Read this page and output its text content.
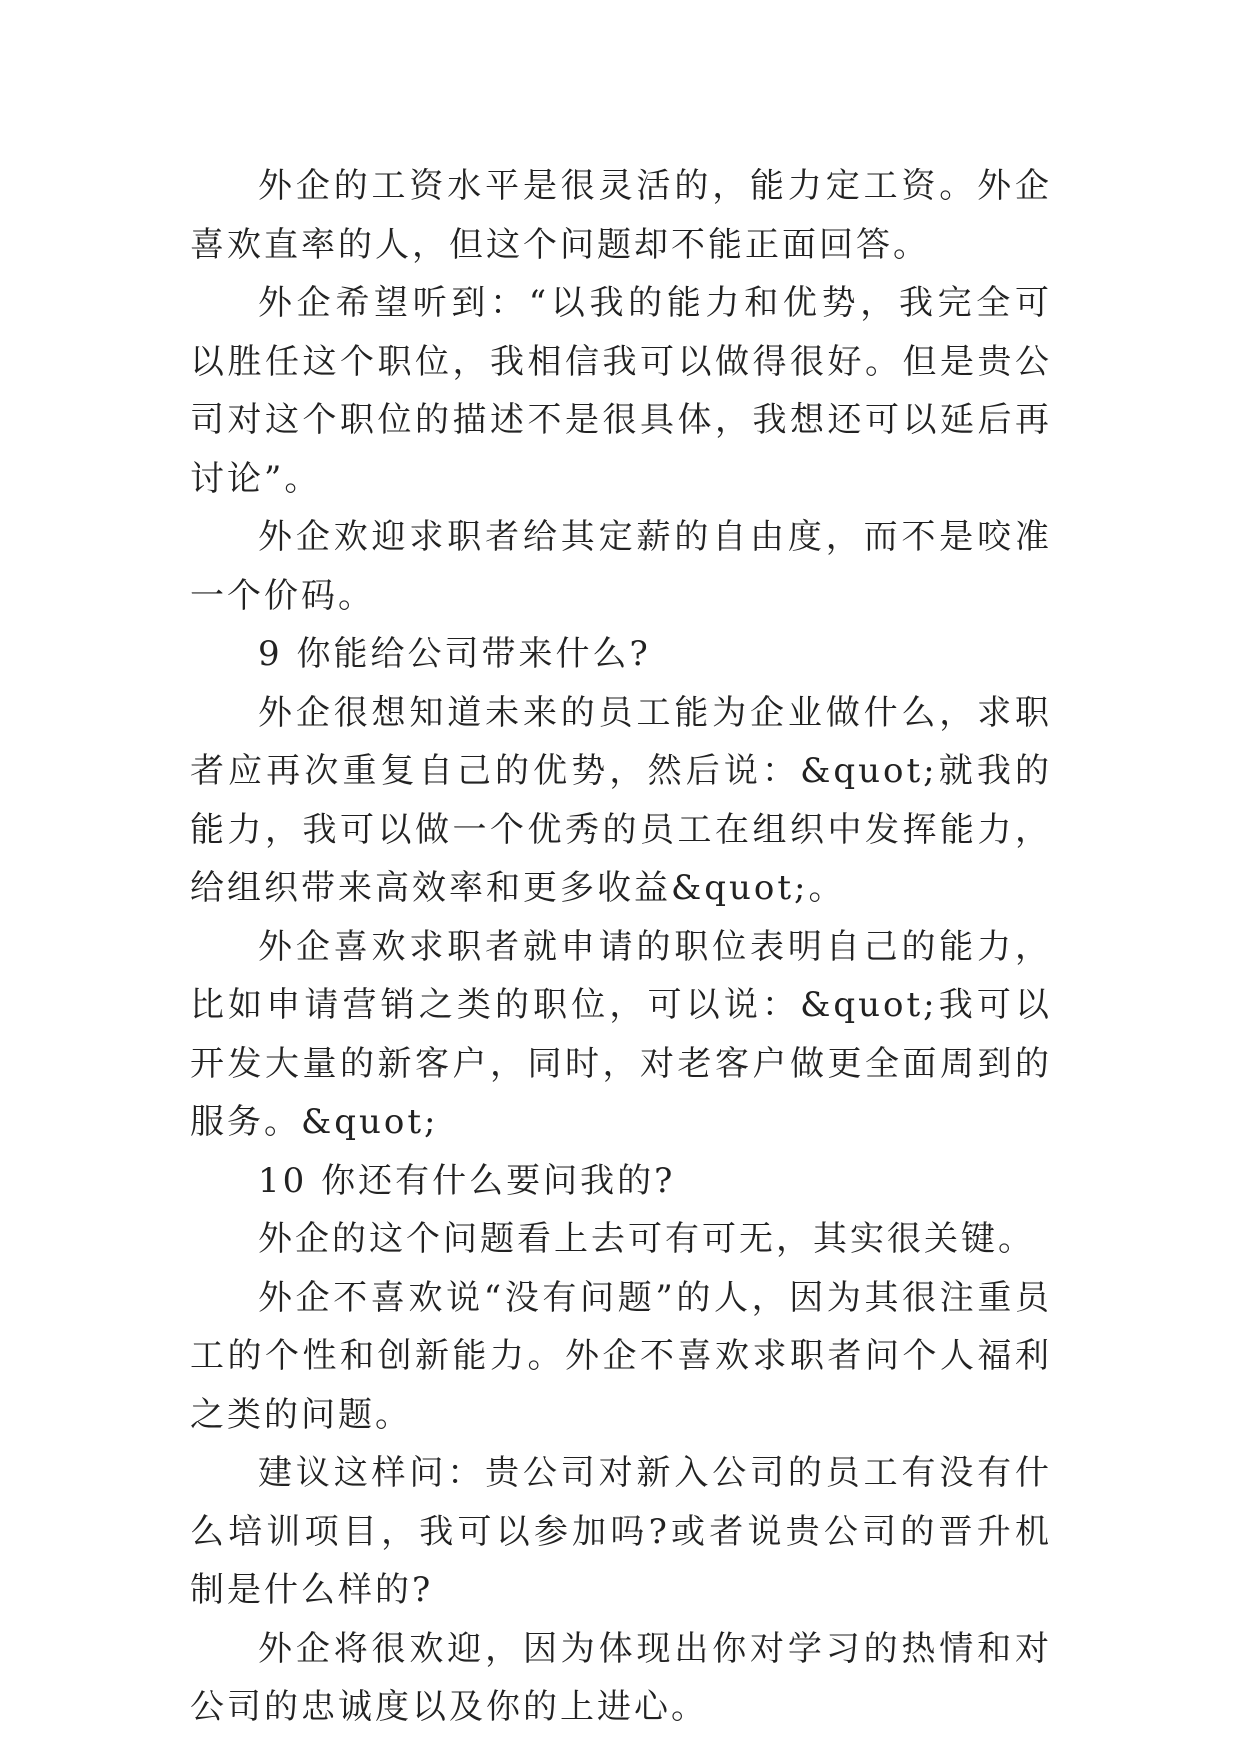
外企的工资水平是很灵活的，能力定工资。外企喜欢直率的人，但这个问题却不能正面回答。

外企希望听到：“以我的能力和优势，我完全可以胜任这个职位，我相信我可以做得很好。但是贵公司对这个职位的描述不是很具体，我想还可以延后再讨论”。

外企欢迎求职者给其定薪的自由度，而不是咬准一个价码。

9 你能给公司带来什么?

外企很想知道未来的员工能为企业做什么，求职者应再次重复自己的优势，然后说：&quot;就我的能力，我可以做一个优秀的员工在组织中发挥能力，给组织带来高效率和更多收益&quot;。

外企喜欢求职者就申请的职位表明自己的能力，比如申请营销之类的职位，可以说：&quot;我可以开发大量的新客户，同时，对老客户做更全面周到的服务。&quot;

10 你还有什么要问我的?

外企的这个问题看上去可有可无，其实很关键。

外企不喜欢说“没有问题”的人，因为其很注重员工的个性和创新能力。外企不喜欢求职者问个人福利之类的问题。

建议这样问：贵公司对新入公司的员工有没有什么培训项目，我可以参加吗?或者说贵公司的晋升机制是什么样的?

外企将很欢迎，因为体现出你对学习的热情和对公司的忠诚度以及你的上进心。
